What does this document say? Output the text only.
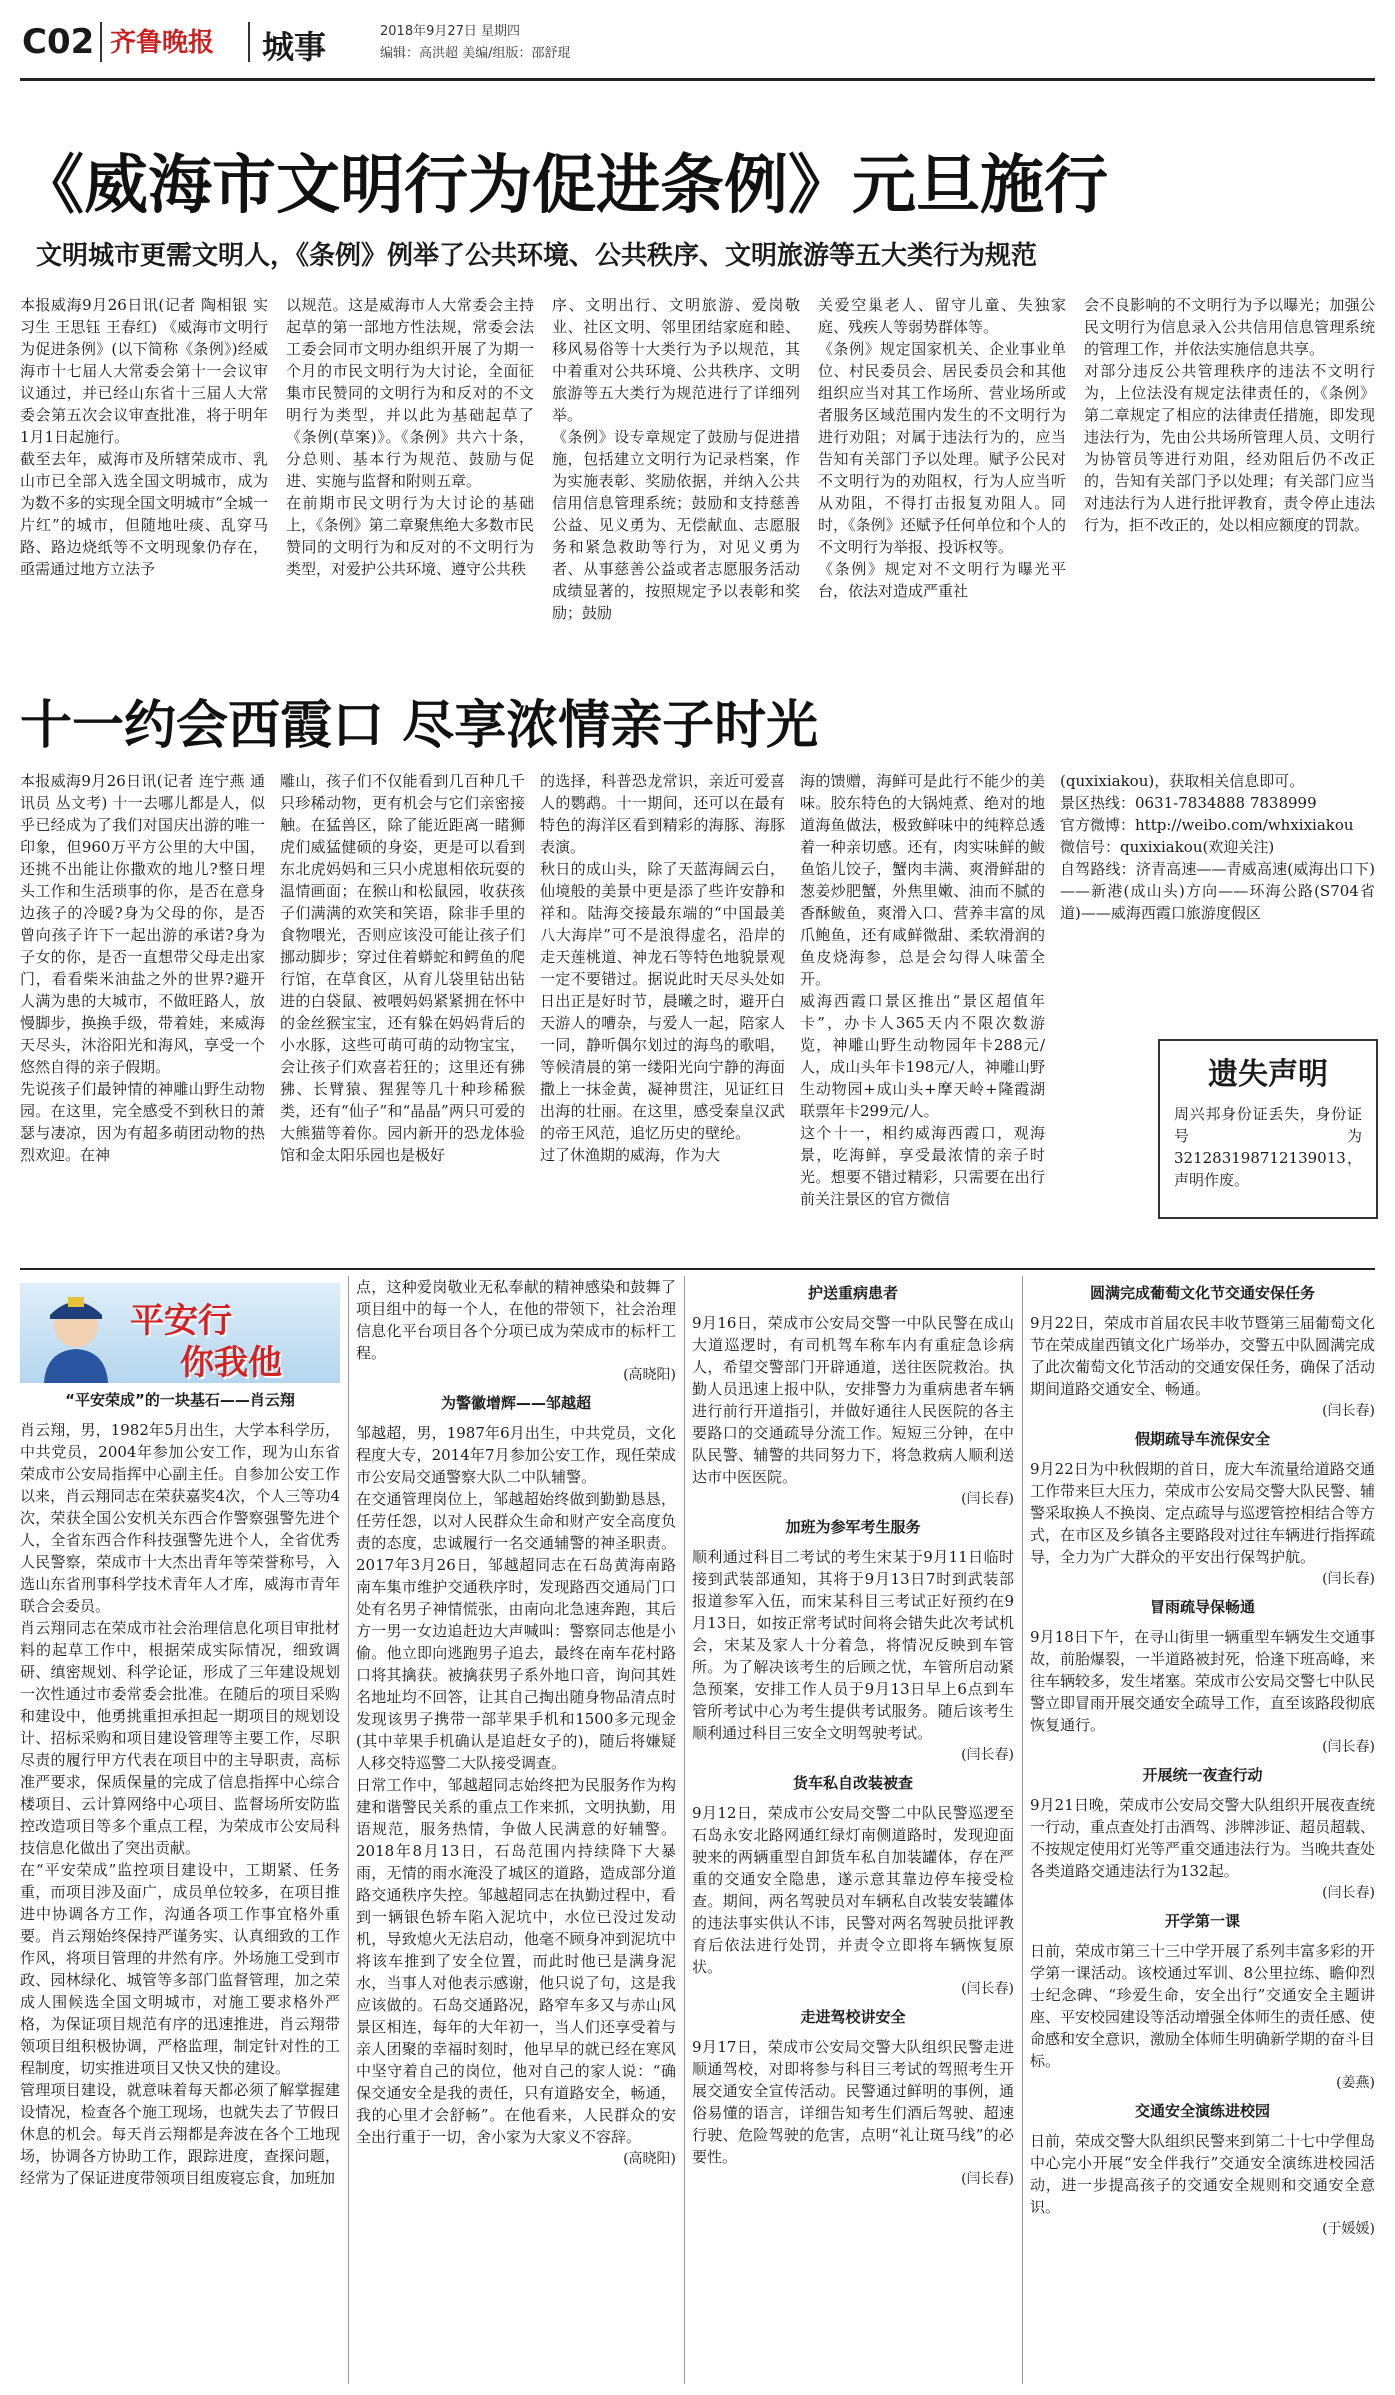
C02 齐鲁晚报 城事	2018年9月27日 星期四
编辑：高洪超 美编/组版：邵舒琨
《威海市文明行为促进条例》元旦施行
文明城市更需文明人，《条例》例举了公共环境、公共秩序、文明旅游等五大类行为规范

本报威海9月26日讯(记者 陶相银 实习生 王思钰 王春红) 《威海市文明行为促进条例》(以下简称《条例》)经威海市十七届人大常委会第十一会议审议通过，并已经山东省十三届人大常委会第五次会议审查批准，将于明年1月1日起施行。
截至去年，威海市及所辖荣成市、乳山市已全部入选全国文明城市，成为为数不多的实现全国文明城市“全城一片红”的城市，但随地吐痰、乱穿马路、路边烧纸等不文明现象仍存在，亟需通过地方立法予

以规范。这是威海市人大常委会主持起草的第一部地方性法规，常委会法工委会同市文明办组织开展了为期一个月的市民文明行为大讨论，全面征集市民赞同的文明行为和反对的不文明行为类型，并以此为基础起草了《条例(草案)》。《条例》共六十条，分总则、基本行为规范、鼓励与促进、实施与监督和附则五章。
在前期市民文明行为大讨论的基础上，《条例》第二章聚焦绝大多数市民赞同的文明行为和反对的不文明行为类型，对爱护公共环境、遵守公共秩

序、文明出行、文明旅游、爱岗敬业、社区文明、邻里团结家庭和睦、移风易俗等十大类行为予以规范，其中着重对公共环境、公共秩序、文明旅游等五大类行为规范进行了详细列举。
《条例》设专章规定了鼓励与促进措施，包括建立文明行为记录档案，作为实施表彰、奖励依据，并纳入公共信用信息管理系统；鼓励和支持慈善公益、见义勇为、无偿献血、志愿服务和紧急救助等行为，对见义勇为者、从事慈善公益或者志愿服务活动成绩显著的，按照规定予以表彰和奖励；鼓励

关爱空巢老人、留守儿童、失独家庭、残疾人等弱势群体等。
《条例》规定国家机关、企业事业单位、村民委员会、居民委员会和其他组织应当对其工作场所、营业场所或者服务区域范围内发生的不文明行为进行劝阻；对属于违法行为的，应当告知有关部门予以处理。赋予公民对不文明行为的劝阻权，行为人应当听从劝阻，不得打击报复劝阻人。同时，《条例》还赋予任何单位和个人的不文明行为举报、投诉权等。
《条例》规定对不文明行为曝光平台，依法对造成严重社

会不良影响的不文明行为予以曝光；加强公民文明行为信息录入公共信用信息管理系统的管理工作，并依法实施信息共享。
对部分违反公共管理秩序的违法不文明行为，上位法没有规定法律责任的，《条例》第二章规定了相应的法律责任措施，即发现违法行为，先由公共场所管理人员、文明行为协管员等进行劝阻，经劝阻后仍不改正的，告知有关部门予以处理；有关部门应当对违法行为人进行批评教育，责令停止违法行为，拒不改正的，处以相应额度的罚款。

十一约会西霞口 尽享浓情亲子时光

本报威海9月26日讯(记者 连宁燕 通讯员 丛文考) 十一去哪儿都是人，似乎已经成为了我们对国庆出游的唯一印象，但960万平方公里的大中国，还挑不出能让你撒欢的地儿?整日埋头工作和生活琐事的你，是否在意身边孩子的冷暖?身为父母的你，是否曾向孩子许下一起出游的承诺?身为子女的你，是否一直想带父母走出家门，看看柴米油盐之外的世界?避开人满为患的大城市，不做旺路人，放慢脚步，换换手级，带着娃，来威海天尽头，沐浴阳光和海风，享受一个悠然自得的亲子假期。
先说孩子们最钟情的神雕山野生动物园。在这里，完全感受不到秋日的萧瑟与凄凉，因为有超多萌团动物的热烈欢迎。在神

雕山，孩子们不仅能看到几百种几千只珍稀动物，更有机会与它们亲密接触。在猛兽区，除了能近距离一睹狮虎们威猛健硕的身姿，更是可以看到东北虎妈妈和三只小虎崽相依玩耍的温情画面；在猴山和松鼠园，收获孩子们满满的欢笑和笑语，除非手里的食物喂光，否则应该没可能让孩子们挪动脚步；穿过住着蟒蛇和鳄鱼的爬行馆，在草食区，从育儿袋里钻出钻进的白袋鼠、被喂妈妈紧紧拥在怀中的金丝猴宝宝，还有躲在妈妈背后的小水豚，这些可萌可萌的动物宝宝，会让孩子们欢喜若狂的；这里还有狒狒、长臂猿、猩猩等几十种珍稀猴类，还有“仙子”和“晶晶”两只可爱的大熊猫等着你。园内新开的恐龙体验馆和金太阳乐园也是极好

的选择，科普恐龙常识，亲近可爱喜人的鹦鹉。十一期间，还可以在最有特色的海洋区看到精彩的海豚、海豚表演。
秋日的成山头，除了天蓝海阔云白，仙境般的美景中更是添了些许安静和祥和。陆海交接最东端的“中国最美八大海岸”可不是浪得虚名，沿岸的走天莲桃道、神龙石等特色地貌景观一定不要错过。据说此时天尽头处如日出正是好时节，晨曦之时，避开白天游人的嘈杂，与爱人一起，陪家人一同，静听偶尔划过的海鸟的歌唱，等候清晨的第一缕阳光向宁静的海面撒上一抹金黄，凝神贯注，见证红日出海的壮丽。在这里，感受秦皇汉武的帝王风范，追忆历史的壁纶。
过了休渔期的威海，作为大

海的馈赠，海鲜可是此行不能少的美味。胶东特色的大锅炖煮、绝对的地道海鱼做法，极致鲜味中的纯粹总透着一种亲切感。还有，肉实味鲜的鲅鱼馅儿饺子，蟹肉丰满、爽滑鲜甜的葱姜炒肥蟹，外焦里嫩、油而不腻的香酥鲅鱼，爽滑入口、营养丰富的凤爪鲍鱼，还有咸鲜微甜、柔软滑润的鱼皮烧海参，总是会勾得人味蕾全开。
威海西霞口景区推出“景区超值年卡”，办卡人365天内不限次数游览，神雕山野生动物园年卡288元/人，成山头年卡198元/人，神雕山野生动物园+成山头+摩天岭+隆霞湖联票年卡299元/人。
这个十一，相约威海西霞口，观海景，吃海鲜，享受最浓情的亲子时光。想要不错过精彩，只需要在出行前关注景区的官方微信

(quxixiakou)，获取相关信息即可。
景区热线：0631-7834888 7838999
官方微博：http://weibo.com/whxixiakou
微信号：quxixiakou(欢迎关注)
自驾路线：济青高速——青威高速(威海出口下)——新港(成山头)方向——环海公路(S704省道)——威海西霞口旅游度假区

遗失声明

周兴邦身份证丢失，身份证号为321283198712139013，声明作废。

平安行
你我他
“平安荣成”的一块基石——肖云翔

肖云翔，男，1982年5月出生，大学本科学历，中共党员，2004年参加公安工作，现为山东省荣成市公安局指挥中心副主任。自参加公安工作以来，肖云翔同志在荣获嘉奖4次，个人三等功4次，荣获全国公安机关东西合作警察强警先进个人，全省东西合作科技强警先进个人，全省优秀人民警察，荣成市十大杰出青年等荣誉称号，入选山东省刑事科学技术青年人才库，威海市青年联合会委员。
肖云翔同志在荣成市社会治理信息化项目审批材料的起草工作中，根据荣成实际情况，细致调研、缜密规划、科学论证，形成了三年建设规划一次性通过市委常委会批准。在随后的项目采购和建设中，他勇挑重担承担起一期项目的规划设计、招标采购和项目建设管理等主要工作，尽职尽责的履行甲方代表在项目中的主导职责，高标准严要求，保质保量的完成了信息指挥中心综合楼项目、云计算网络中心项目、监督场所安防监控改造项目等多个重点工程，为荣成市公安局科技信息化做出了突出贡献。
在“平安荣成”监控项目建设中，工期紧、任务重，而项目涉及面广，成员单位较多，在项目推进中协调各方工作，沟通各项工作事宜格外重要。肖云翔始终保持严谨务实、认真细致的工作作风，将项目管理的井然有序。外场施工受到市政、园林绿化、城管等多部门监督管理，加之荣成人围候选全国文明城市，对施工要求格外严格，为保证项目规范有序的迅速推进，肖云翔带领项目组积极协调，严格监理，制定针对性的工程制度，切实推进项目又快又快的建设。
管理项目建设，就意味着每天都必须了解掌握建设情况，检查各个施工现场，也就失去了节假日休息的机会。每天肖云翔都是奔波在各个工地现场，协调各方协助工作，跟踪进度，查探问题，经常为了保证进度带领项目组废寝忘食，加班加

点，这种爱岗敬业无私奉献的精神感染和鼓舞了项目组中的每一个人，在他的带领下，社会治理信息化平台项目各个分项已成为荣成市的标杆工程。

(高晓阳)
为警徽增辉——邹越超

邹越超，男，1987年6月出生，中共党员，文化程度大专，2014年7月参加公安工作，现任荣成市公安局交通警察大队二中队辅警。
在交通管理岗位上，邹越超始终做到勤勤恳恳，任劳任怨，以对人民群众生命和财产安全高度负责的态度，忠诚履行一名交通辅警的神圣职责。2017年3月26日，邹越超同志在石岛黄海南路南车集市维护交通秩序时，发现路西交通局门口处有名男子神情慌张，由南向北急速奔跑，其后方一男一女边追赶边大声喊叫：警察同志他是小偷。他立即向逃跑男子追去，最终在南车花村路口将其擒获。被擒获男子系外地口音，询问其姓名地址均不回答，让其自己掏出随身物品清点时发现该男子携带一部苹果手机和1500多元现金(其中苹果手机确认是追赶女子的)，随后将嫌疑人移交特巡警二大队接受调查。
日常工作中，邹越超同志始终把为民服务作为构建和谐警民关系的重点工作来抓，文明执勤，用语规范，服务热情，争做人民满意的好辅警。2018年8月13日，石岛范围内持续降下大暴雨，无情的雨水淹没了城区的道路，造成部分道路交通秩序失控。邹越超同志在执勤过程中，看到一辆银色轿车陷入泥坑中，水位已没过发动机，导致熄火无法启动，他毫不顾身冲到泥坑中将该车推到了安全位置，而此时他已是满身泥水，当事人对他表示感谢，他只说了句，这是我应该做的。石岛交通路况，路窄车多又与赤山风景区相连，每年的大年初一，当人们还享受着与亲人团聚的幸福时刻时，他早早的就已经在寒风中坚守着自己的岗位，他对自己的家人说：“确保交通安全是我的责任，只有道路安全，畅通，我的心里才会舒畅”。在他看来，人民群众的安全出行重于一切，舍小家为大家义不容辞。

(高晓阳)
护送重病患者

9月16日，荣成市公安局交警一中队民警在成山大道巡逻时，有司机驾车称车内有重症急诊病人，希望交警部门开辟通道，送往医院救治。执勤人员迅速上报中队，安排警力为重病患者车辆进行前行开道指引，并做好通往人民医院的各主要路口的交通疏导分流工作。短短三分钟，在中队民警、辅警的共同努力下，将急救病人顺利送达市中医医院。

(闫长春)
加班为参军考生服务

顺利通过科目二考试的考生宋某于9月11日临时接到武装部通知，其将于9月13日7时到武装部报道参军入伍，而宋某科目三考试正好预约在9月13日，如按正常考试时间将会错失此次考试机会，宋某及家人十分着急，将情况反映到车管所。为了解决该考生的后顾之忧，车管所启动紧急预案，安排工作人员于9月13日早上6点到车管所考试中心为考生提供考试服务。随后该考生顺利通过科目三安全文明驾驶考试。

(闫长春)
货车私自改装被查

9月12日，荣成市公安局交警二中队民警巡逻至石岛永安北路网通红绿灯南侧道路时，发现迎面驶来的两辆重型自卸货车私自加装罐体，存在严重的交通安全隐患，遂示意其靠边停车接受检查。期间，两名驾驶员对车辆私自改装安装罐体的违法事实供认不讳，民警对两名驾驶员批评教育后依法进行处罚，并责令立即将车辆恢复原状。

(闫长春)
走进驾校讲安全

9月17日，荣成市公安局交警大队组织民警走进顺通驾校，对即将参与科目三考试的驾照考生开展交通安全宣传活动。民警通过鲜明的事例，通俗易懂的语言，详细告知考生们酒后驾驶、超速行驶、危险驾驶的危害，点明“礼让斑马线”的必要性。

(闫长春)
圆满完成葡萄文化节交通安保任务

9月22日，荣成市首届农民丰收节暨第三届葡萄文化节在荣成崖西镇文化广场举办，交警五中队圆满完成了此次葡萄文化节活动的交通安保任务，确保了活动期间道路交通安全、畅通。

(闫长春)
假期疏导车流保安全

9月22日为中秋假期的首日，庞大车流量给道路交通工作带来巨大压力，荣成市公安局交警大队民警、辅警采取换人不换岗、定点疏导与巡逻管控相结合等方式，在市区及乡镇各主要路段对过往车辆进行指挥疏导，全力为广大群众的平安出行保驾护航。

(闫长春)
冒雨疏导保畅通

9月18日下午，在寻山街里一辆重型车辆发生交通事故，前胎爆裂，一半道路被封死，恰逢下班高峰，来往车辆较多，发生堵塞。荣成市公安局交警七中队民警立即冒雨开展交通安全疏导工作，直至该路段彻底恢复通行。

(闫长春)
开展统一夜查行动

9月21日晚，荣成市公安局交警大队组织开展夜查统一行动，重点查处打击酒驾、涉牌涉证、超员超载、不按规定使用灯光等严重交通违法行为。当晚共查处各类道路交通违法行为132起。

(闫长春)
开学第一课

日前，荣成市第三十三中学开展了系列丰富多彩的开学第一课活动。该校通过军训、8公里拉练、瞻仰烈士纪念碑、“珍爱生命，安全出行”交通安全主题讲座、平安校园建设等活动增强全体师生的责任感、使命感和安全意识，激励全体师生明确新学期的奋斗目标。

(姜燕)
交通安全演练进校园

日前，荣成交警大队组织民警来到第二十七中学俚岛中心完小开展“安全伴我行”交通安全演练进校园活动，进一步提高孩子的交通安全规则和交通安全意识。

(于媛媛)
